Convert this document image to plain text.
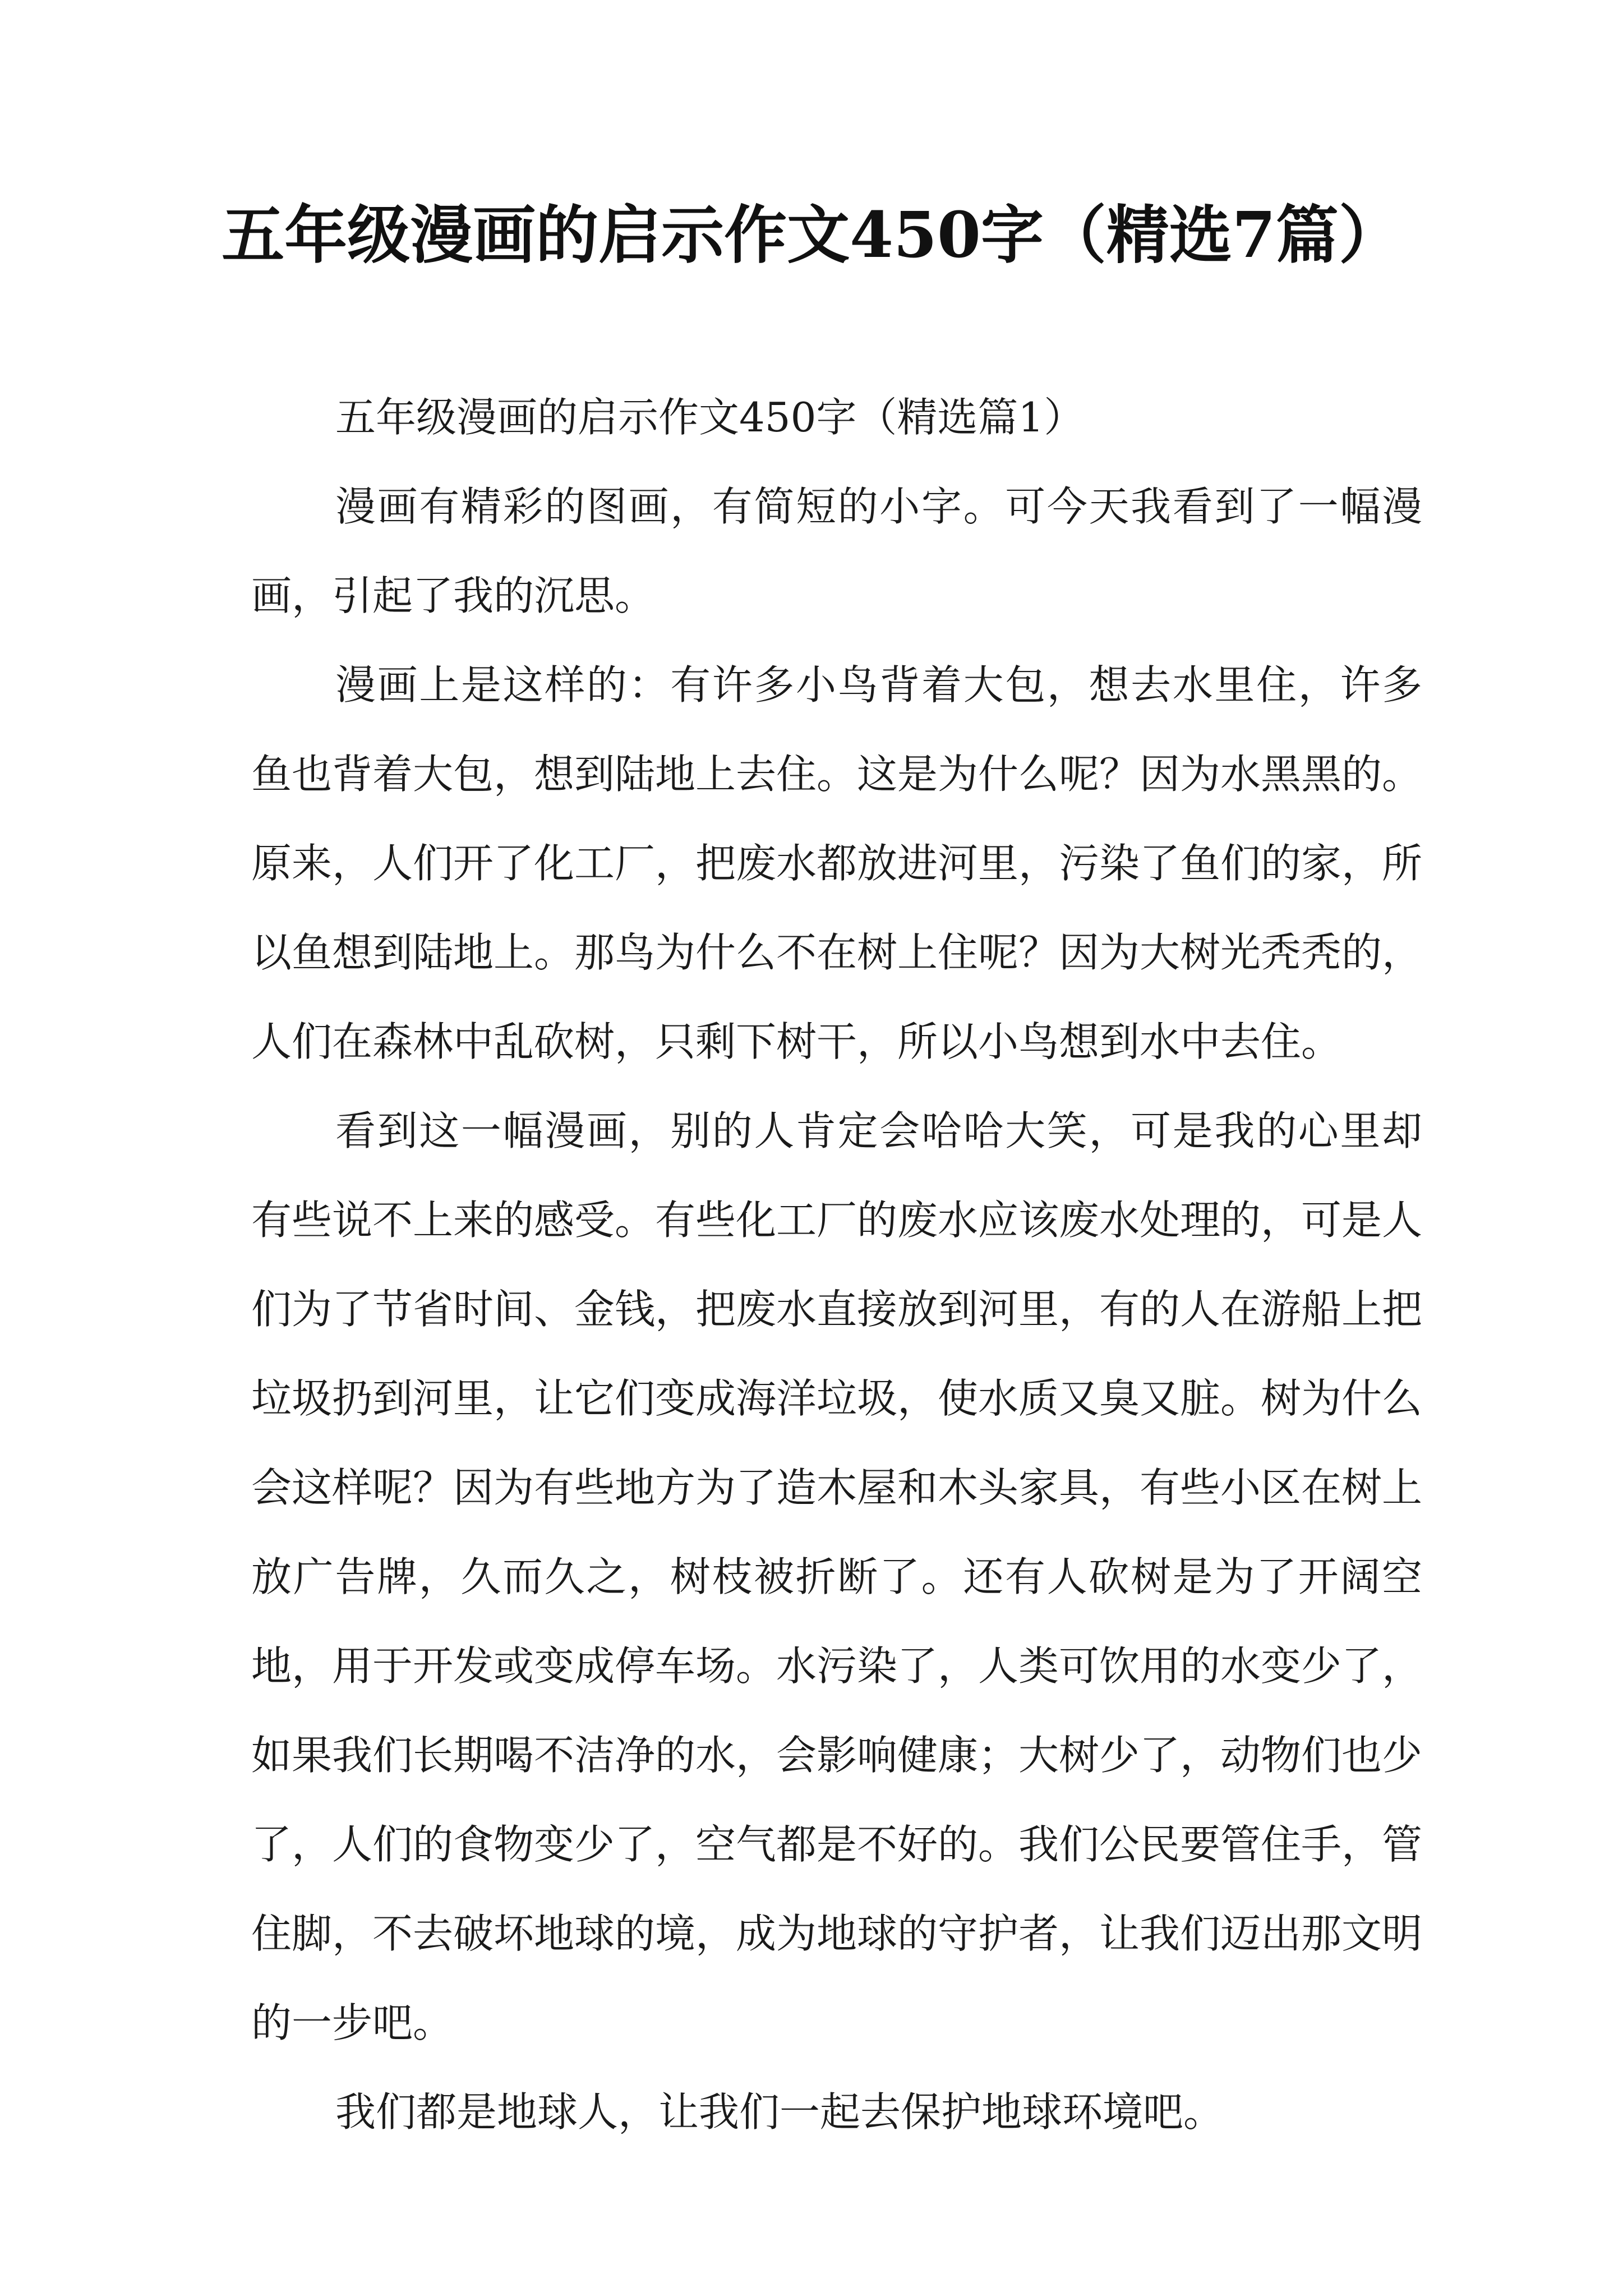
五年级漫画的启示作文450字（精选7篇）

五年级漫画的启示作文450字（精选篇1）

漫画有精彩的图画，有简短的小字。可今天我看到了一幅漫画，引起了我的沉思。

漫画上是这样的：有许多小鸟背着大包，想去水里住，许多鱼也背着大包，想到陆地上去住。这是为什么呢？因为水黑黑的。原来，人们开了化工厂，把废水都放进河里，污染了鱼们的家，所以鱼想到陆地上。那鸟为什么不在树上住呢？因为大树光秃秃的，人们在森林中乱砍树，只剩下树干，所以小鸟想到水中去住。

看到这一幅漫画，别的人肯定会哈哈大笑，可是我的心里却有些说不上来的感受。有些化工厂的废水应该废水处理的，可是人们为了节省时间、金钱，把废水直接放到河里，有的人在游船上把垃圾扔到河里，让它们变成海洋垃圾，使水质又臭又脏。树为什么会这样呢？因为有些地方为了造木屋和木头家具，有些小区在树上放广告牌，久而久之，树枝被折断了。还有人砍树是为了开阔空地，用于开发或变成停车场。水污染了，人类可饮用的水变少了，如果我们长期喝不洁净的水，会影响健康；大树少了，动物们也少了，人们的食物变少了，空气都是不好的。我们公民要管住手，管住脚，不去破坏地球的境，成为地球的守护者，让我们迈出那文明的一步吧。

我们都是地球人，让我们一起去保护地球环境吧。
